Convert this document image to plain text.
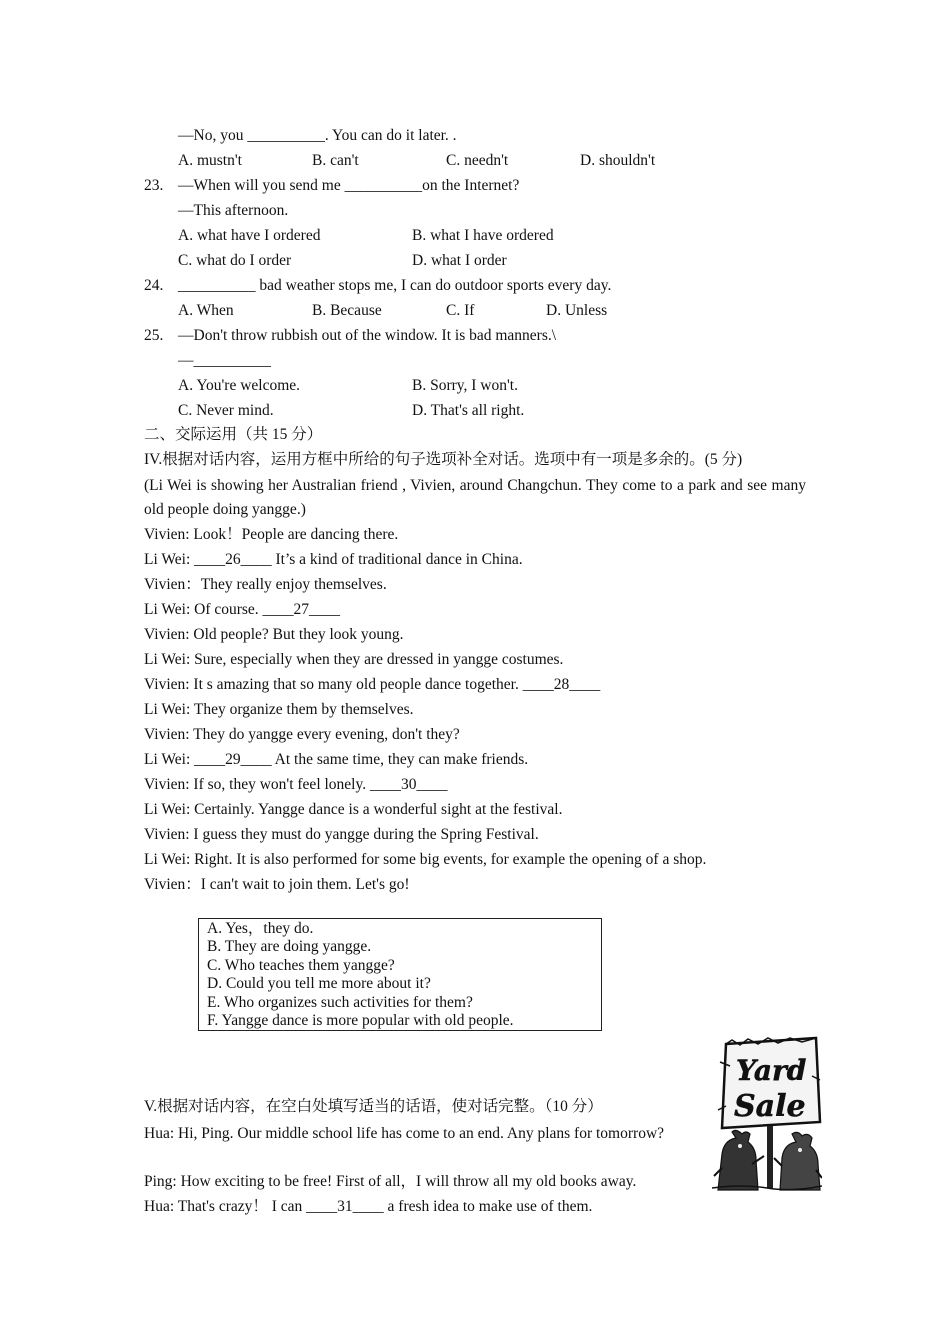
—No, you __________. You can do it later. .
A. mustn't	B. can't	C. needn't	D. shouldn't
23. —When will you send me __________on the Internet?
—This afternoon.
A. what have I ordered	B. what I have ordered
C. what do I order	D. what I order
24. __________ bad weather stops me, I can do outdoor sports every day.
A. When	B. Because	C. If	D. Unless
25. —Don't throw rubbish out of the window. It is bad manners.\
—__________
A. You're welcome.	B. Sorry, I won't.
C. Never mind.	D. That's all right.
二、交际运用（共 15 分）
IV.根据对话内容，运用方框中所给的句子选项补全对话。选项中有一项是多余的。(5 分)
(Li Wei is showing her Australian friend , Vivien, around Changchun. They come to a park and see many old people doing yanggе.)
Vivien: Look！People are dancing there.
Li Wei: ____26____ It’s a kind of traditional dance in China.
Vivien：They really enjoy themselves.
Li Wei: Of course. ____27____
Vivien: Old people? But they look young.
Li Wei: Sure, especially when they are dressed in yangge costumes.
Vivien: It s amazing that so many old people dance together. ____28____
Li Wei: They organize them by themselves.
Vivien: They do yangge every evening, don't they?
Li Wei: ____29____ At the same time, they can make friends.
Vivien: If so, they won't feel lonely. ____30____
Li Wei: Certainly. Yangge dance is a wonderful sight at the festival.
Vivien: I guess they must do yangge during the Spring Festival.
Li Wei: Right. It is also performed for some big events, for example the opening of a shop.
Vivien：I can't wait to join them. Let's go!
A. Yes，they do.
B. They are doing yangge.
C. Who teaches them yangge?
D. Could you tell me more about it?
E. Who organizes such activities for them?
F. Yangge dance is more popular with old people.
Yard
Sale
V.根据对话内容，在空白处填写适当的话语，使对话完整。（10 分）
Hua: Hi, Ping. Our middle school life has come to an end. Any plans for tomorrow?
Ping: How exciting to be free! First of all，I will throw all my old books away.
Hua: That's crazy！ I can ____31____ a fresh idea to make use of them.
